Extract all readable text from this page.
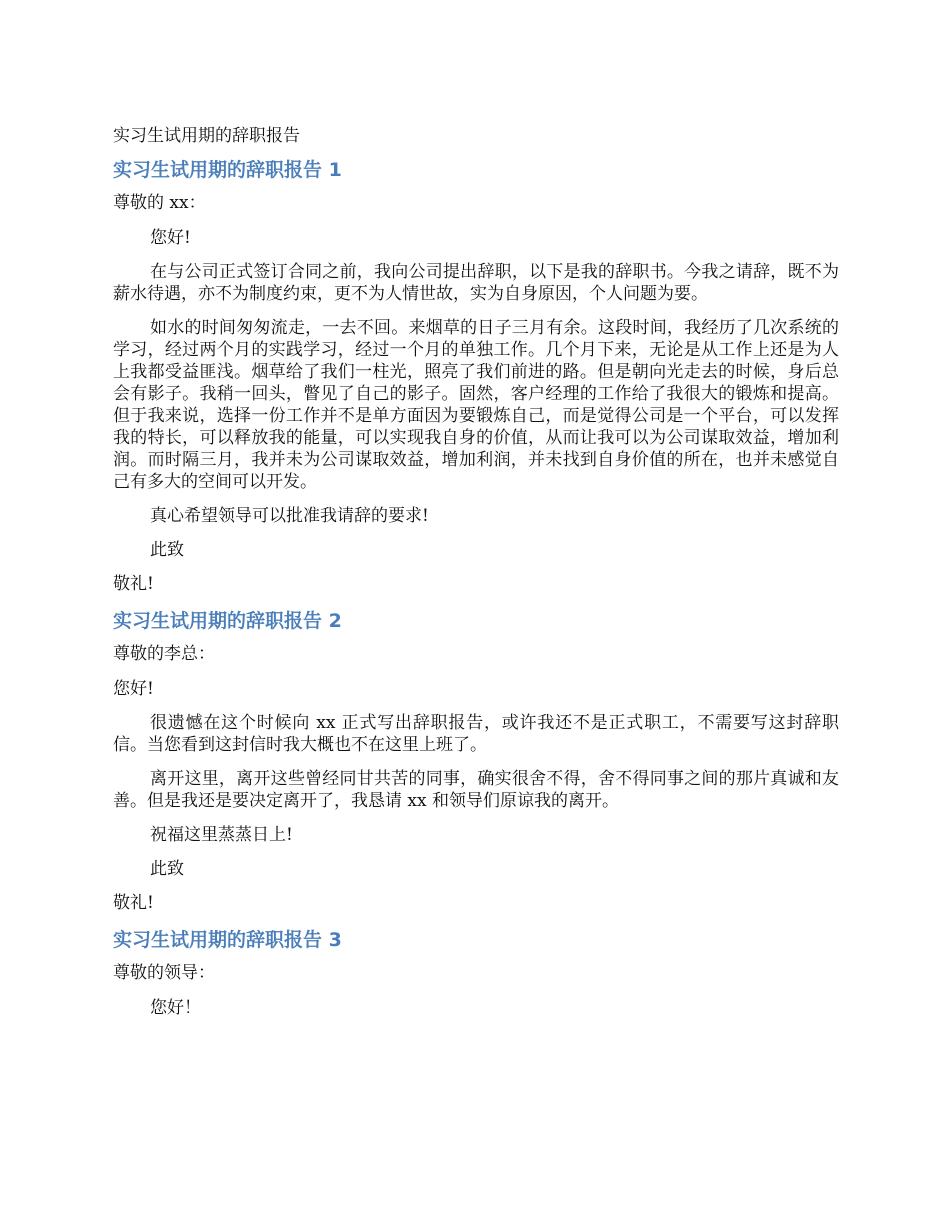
实习生试用期的辞职报告
实习生试用期的辞职报告 1

尊敬的 xx：

您好!

在与公司正式签订合同之前，我向公司提出辞职，以下是我的辞职书。今我之请辞，既不为薪水待遇，亦不为制度约束，更不为人情世故，实为自身原因，个人问题为要。

如水的时间匆匆流走，一去不回。来烟草的日子三月有余。这段时间，我经历了几次系统的学习，经过两个月的实践学习，经过一个月的单独工作。几个月下来，无论是从工作上还是为人上我都受益匪浅。烟草给了我们一柱光，照亮了我们前进的路。但是朝向光走去的时候，身后总会有影子。我稍一回头，瞥见了自己的影子。固然，客户经理的工作给了我很大的锻炼和提高。但于我来说，选择一份工作并不是单方面因为要锻炼自己，而是觉得公司是一个平台，可以发挥我的特长，可以释放我的能量，可以实现我自身的价值，从而让我可以为公司谋取效益，增加利润。而时隔三月，我并未为公司谋取效益，增加利润，并未找到自身价值的所在，也并未感觉自己有多大的空间可以开发。

真心希望领导可以批准我请辞的要求!

此致

敬礼!

实习生试用期的辞职报告 2

尊敬的李总：

您好!

很遗憾在这个时候向 xx 正式写出辞职报告，或许我还不是正式职工，不需要写这封辞职信。当您看到这封信时我大概也不在这里上班了。

离开这里，离开这些曾经同甘共苦的同事，确实很舍不得，舍不得同事之间的那片真诚和友善。但是我还是要决定离开了，我恳请 xx 和领导们原谅我的离开。

祝福这里蒸蒸日上!

此致

敬礼!

实习生试用期的辞职报告 3

尊敬的领导：

您好！
